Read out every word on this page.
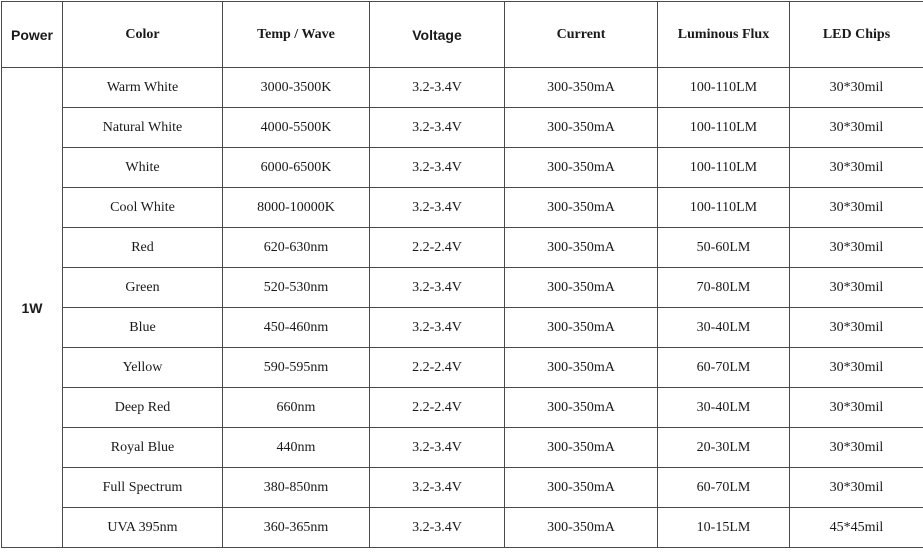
Power	Color	Temp / Wave	Voltage	Current	Luminous Flux	LED Chips
1W	Warm White	3000-3500K	3.2-3.4V	300-350mA	100-110LM	30*30mil
	Natural White	4000-5500K	3.2-3.4V	300-350mA	100-110LM	30*30mil
	White	6000-6500K	3.2-3.4V	300-350mA	100-110LM	30*30mil
	Cool White	8000-10000K	3.2-3.4V	300-350mA	100-110LM	30*30mil
	Red	620-630nm	2.2-2.4V	300-350mA	50-60LM	30*30mil
	Green	520-530nm	3.2-3.4V	300-350mA	70-80LM	30*30mil
	Blue	450-460nm	3.2-3.4V	300-350mA	30-40LM	30*30mil
	Yellow	590-595nm	2.2-2.4V	300-350mA	60-70LM	30*30mil
	Deep Red	660nm	2.2-2.4V	300-350mA	30-40LM	30*30mil
	Royal Blue	440nm	3.2-3.4V	300-350mA	20-30LM	30*30mil
	Full Spectrum	380-850nm	3.2-3.4V	300-350mA	60-70LM	30*30mil
	UVA 395nm	360-365nm	3.2-3.4V	300-350mA	10-15LM	45*45mil
